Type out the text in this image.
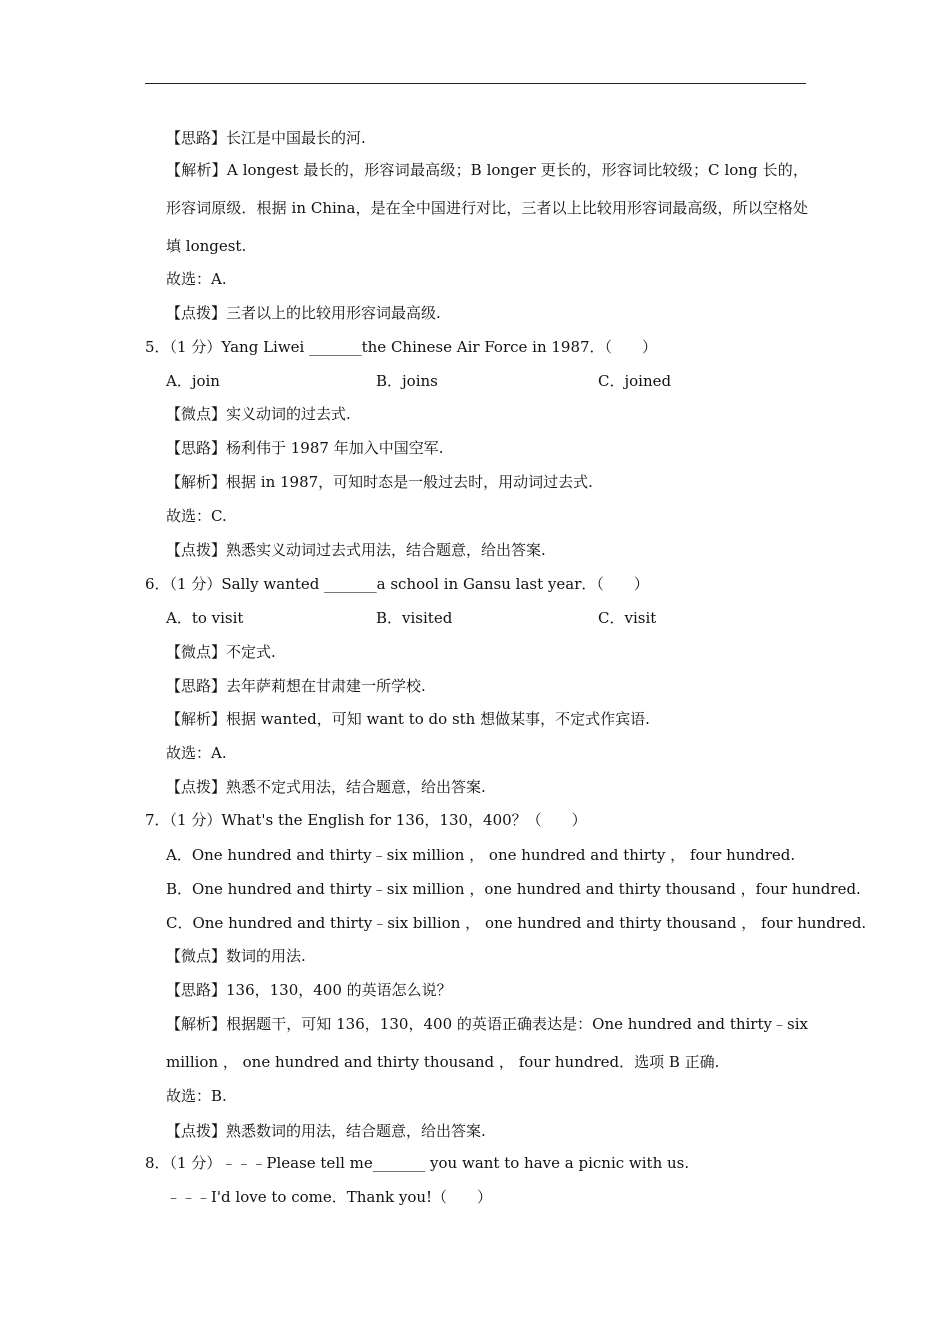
【思路】长江是中国最长的河.
【解析】A longest 最长的，形容词最高级；B longer 更长的，形容词比较级；C long 长的，形容词原级．根据 in China，是在全中国进行对比，三者以上比较用形容词最高级，所以空格处填 longest.
故选：A.
【点拨】三者以上的比较用形容词最高级.
5．（1 分）Yang Liwei _______the Chinese Air Force in 1987．（　　）
A．join	B．joins	C．joined
【微点】实义动词的过去式.
【思路】杨利伟于 1987 年加入中国空军.
【解析】根据 in 1987，可知时态是一般过去时，用动词过去式.
故选：C.
【点拨】熟悉实义动词过去式用法，结合题意，给出答案.
6．（1 分）Sally wanted _______a school in Gansu last year．（　　）
A．to visit	B．visited	C．visit
【微点】不定式.
【思路】去年萨莉想在甘肃建一所学校.
【解析】根据 wanted，可知 want to do sth 想做某事，不定式作宾语.
故选：A.
【点拨】熟悉不定式用法，结合题意，给出答案.
7．（1 分）What's the English for 136，130，400？（　　）
A．One hundred and thirty﹣six million ， one hundred and thirty ， four hundred.
B．One hundred and thirty﹣six million ，one hundred and thirty thousand ，four hundred.
C．One hundred and thirty﹣six billion ， one hundred and thirty thousand ， four hundred.
【微点】数词的用法.
【思路】136，130，400 的英语怎么说？
【解析】根据题干，可知 136，130，400 的英语正确表达是：One hundred and thirty﹣six million ， one hundred and thirty thousand ， four hundred．选项 B 正确.
故选：B.
【点拨】熟悉数词的用法，结合题意，给出答案.
8．（1 分）﹣﹣﹣Please tell me_______ you want to have a picnic with us.
﹣﹣﹣I'd love to come．Thank you!（　　）
